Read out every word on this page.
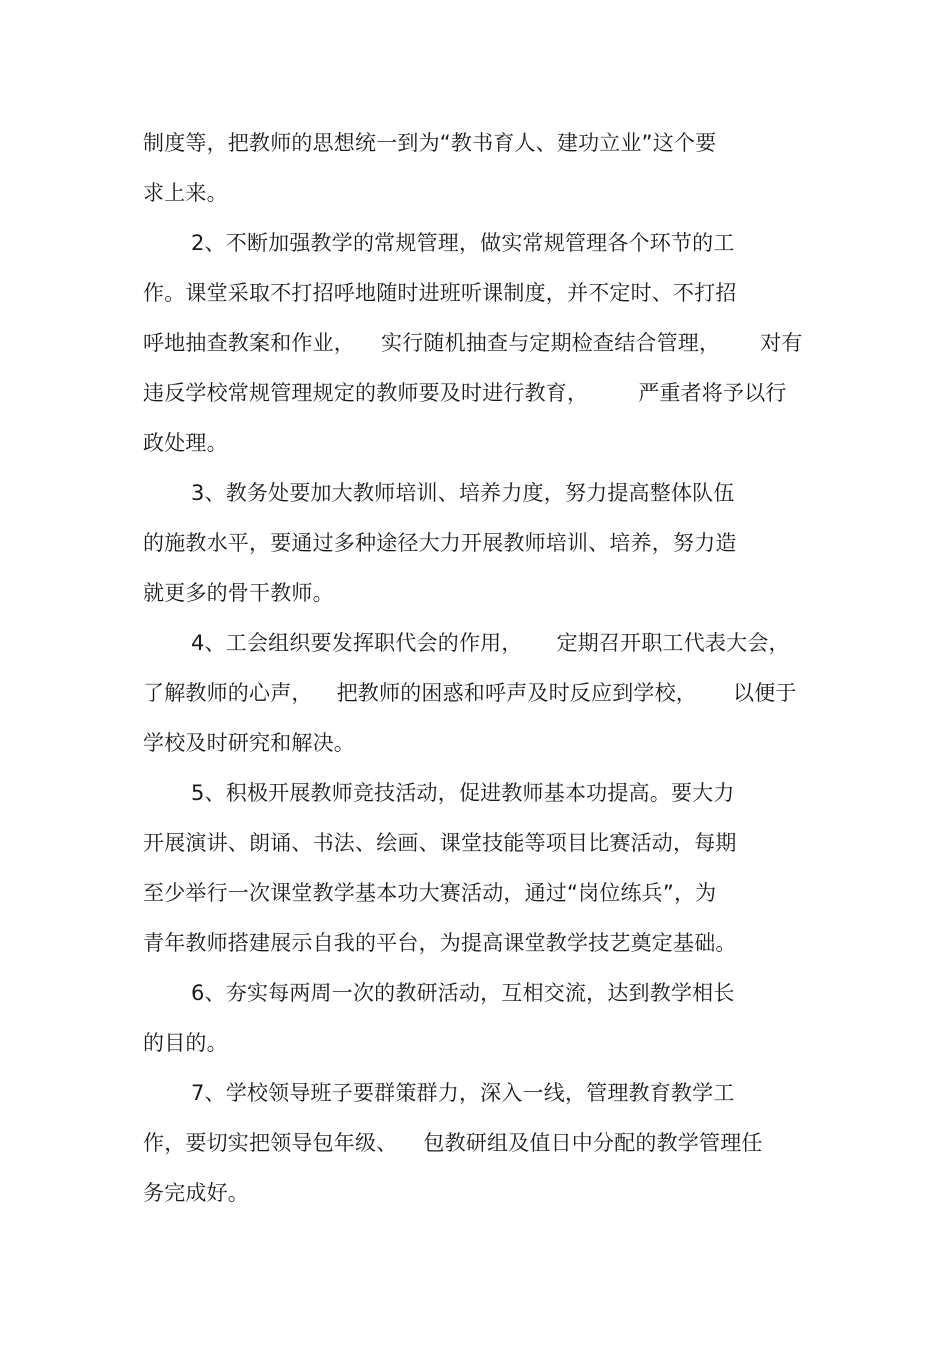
制度等，把教师的思想统一到为“教书育人、建功立业”这个要
求上来。
2、不断加强教学的常规管理，做实常规管理各个环节的工
作。课堂采取不打招呼地随时进班听课制度，并不定时、不打招
呼地抽查教案和作业， 实行随机抽查与定期检查结合管理， 对有
违反学校常规管理规定的教师要及时进行教育， 严重者将予以行
政处理。
3、教务处要加大教师培训、培养力度，努力提高整体队伍
的施教水平，要通过多种途径大力开展教师培训、培养，努力造
就更多的骨干教师。
4、工会组织要发挥职代会的作用， 定期召开职工代表大会，
了解教师的心声， 把教师的困惑和呼声及时反应到学校， 以便于
学校及时研究和解决。
5、积极开展教师竞技活动，促进教师基本功提高。要大力
开展演讲、朗诵、书法、绘画、课堂技能等项目比赛活动，每期
至少举行一次课堂教学基本功大赛活动，通过“岗位练兵”，为
青年教师搭建展示自我的平台，为提高课堂教学技艺奠定基础。
6、夯实每两周一次的教研活动，互相交流，达到教学相长
的目的。
7、学校领导班子要群策群力，深入一线，管理教育教学工
作，要切实把领导包年级、 包教研组及值日中分配的教学管理任
务完成好。
